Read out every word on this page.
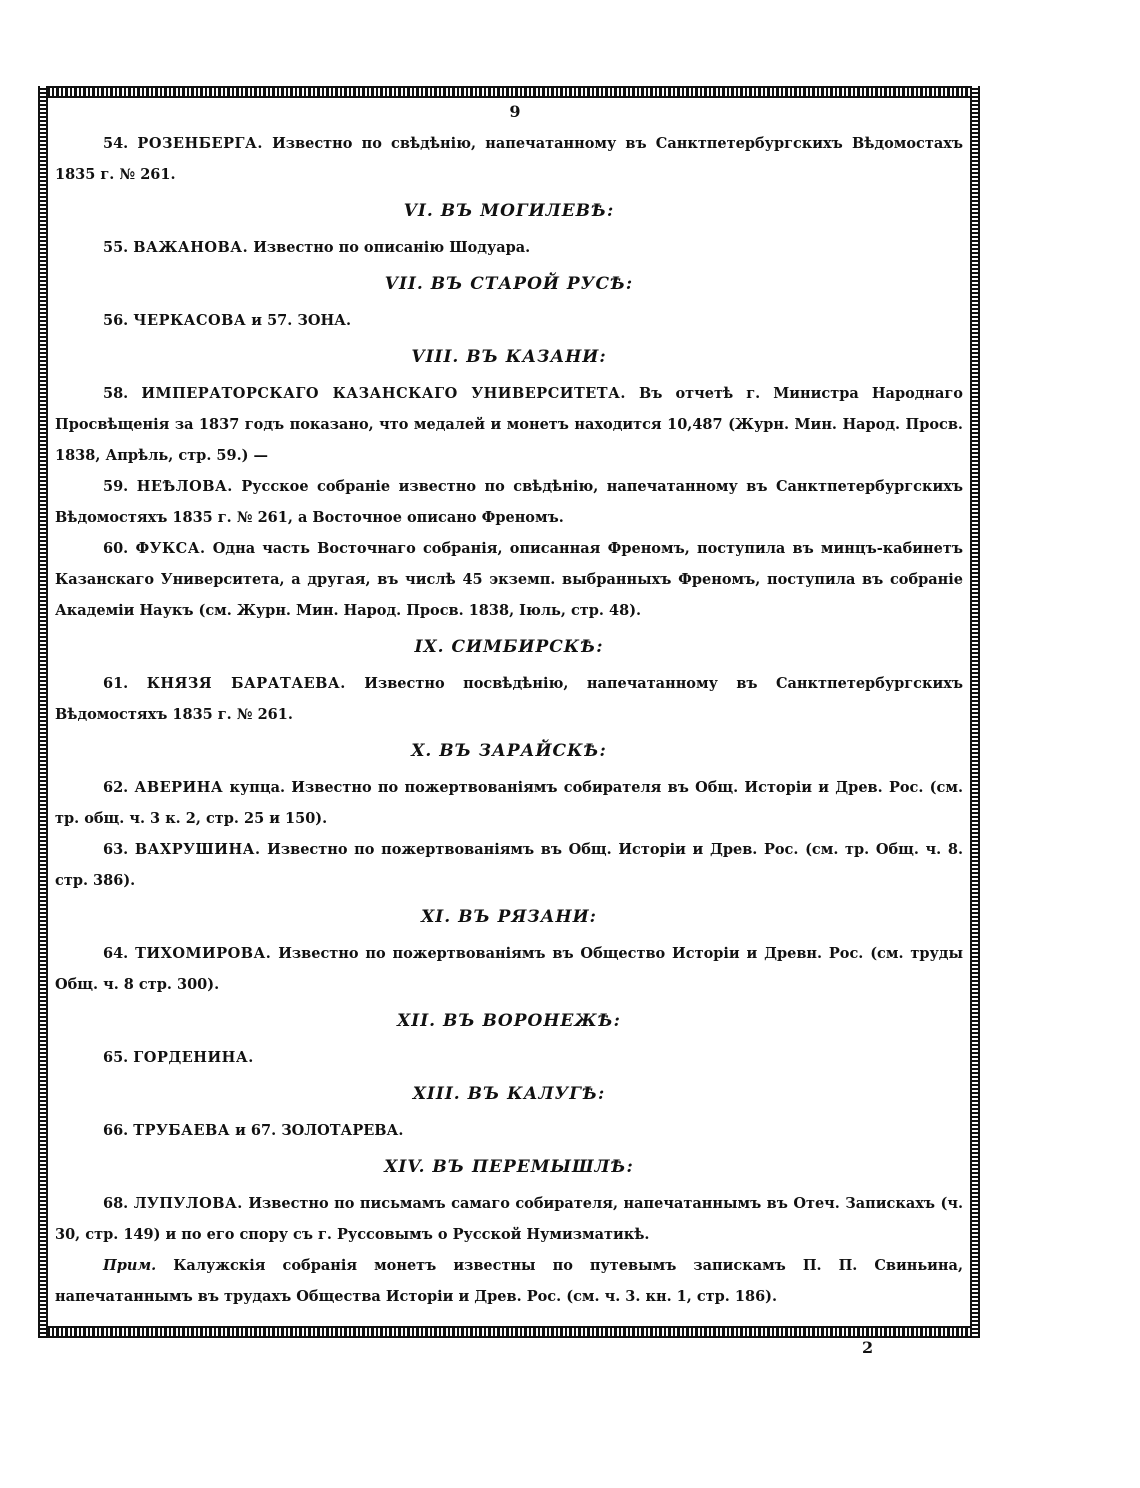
9

54. РОЗЕНБЕРГА. Известно по свѣдѣнію, напечатанному въ Санктпетербургскихъ Вѣдомостахъ 1835 г. № 261.

VI. ВЪ МОГИЛЕВѢ:

55. ВАЖАНОВА. Известно по описанію Шодуара.

VII. ВЪ СТАРОЙ РУСѢ:

56. ЧЕРКАСОВА и 57. ЗОНА.

VIII. ВЪ КАЗАНИ:

58. ИМПЕРАТОРСКАГО КАЗАНСКАГО УНИВЕРСИТЕТА. Въ отчетѣ г. Министра Народнаго Просвѣщенія за 1837 годъ показано, что медалей и монетъ находится 10,487 (Журн. Мин. Народ. Просв. 1838, Апрѣль, стр. 59.) —

59. НЕѢЛОВА. Русское собраніе известно по свѣдѣнію, напечатанному въ Санктпетербургскихъ Вѣдомостяхъ 1835 г. № 261, а Восточное описано Френомъ.

60. ФУКСА. Одна часть Восточнаго собранія, описанная Френомъ, поступила въ минцъ-кабинетъ Казанскаго Университета, а другая, въ числѣ 45 экземп. выбранныхъ Френомъ, поступила въ собраніе Академіи Наукъ (см. Журн. Мин. Народ. Просв. 1838, Іюль, стр. 48).

IX. СИМБИРСКѢ:

61. КНЯЗЯ БАРАТАЕВА. Известно посвѣдѣнію, напечатанному въ Санктпетербургскихъ Вѣдомостяхъ 1835 г. № 261.

X. ВЪ ЗАРАЙСКѢ:

62. АВЕРИНА купца. Известно по пожертвованіямъ собирателя въ Общ. Исторіи и Древ. Рос. (см. тр. общ. ч. 3 к. 2, стр. 25 и 150).

63. ВАХРУШИНА. Известно по пожертвованіямъ въ Общ. Исторіи и Древ. Рос. (см. тр. Общ. ч. 8. стр. 386).

XI. ВЪ РЯЗАНИ:

64. ТИХОМИРОВА. Известно по пожертвованіямъ въ Общество Исторіи и Древн. Рос. (см. труды Общ. ч. 8 стр. 300).

XII. ВЪ ВОРОНЕЖѢ:

65. ГОРДЕНИНА.

XIII. ВЪ КАЛУГѢ:

66. ТРУБАЕВА и 67. ЗОЛОТАРЕВА.

XIV. ВЪ ПЕРЕМЫШЛѢ:

68. ЛУПУЛОВА. Известно по письмамъ самаго собирателя, напечатаннымъ въ Отеч. Запискахъ (ч. 30, стр. 149) и по его спору съ г. Руссовымъ о Русской Нумизматикѣ.

Прим. Калужскія собранія монетъ известны по путевымъ запискамъ П. П. Свиньина, напечатаннымъ въ трудахъ Общества Исторіи и Древ. Рос. (см. ч. 3. кн. 1, стр. 186).

2
